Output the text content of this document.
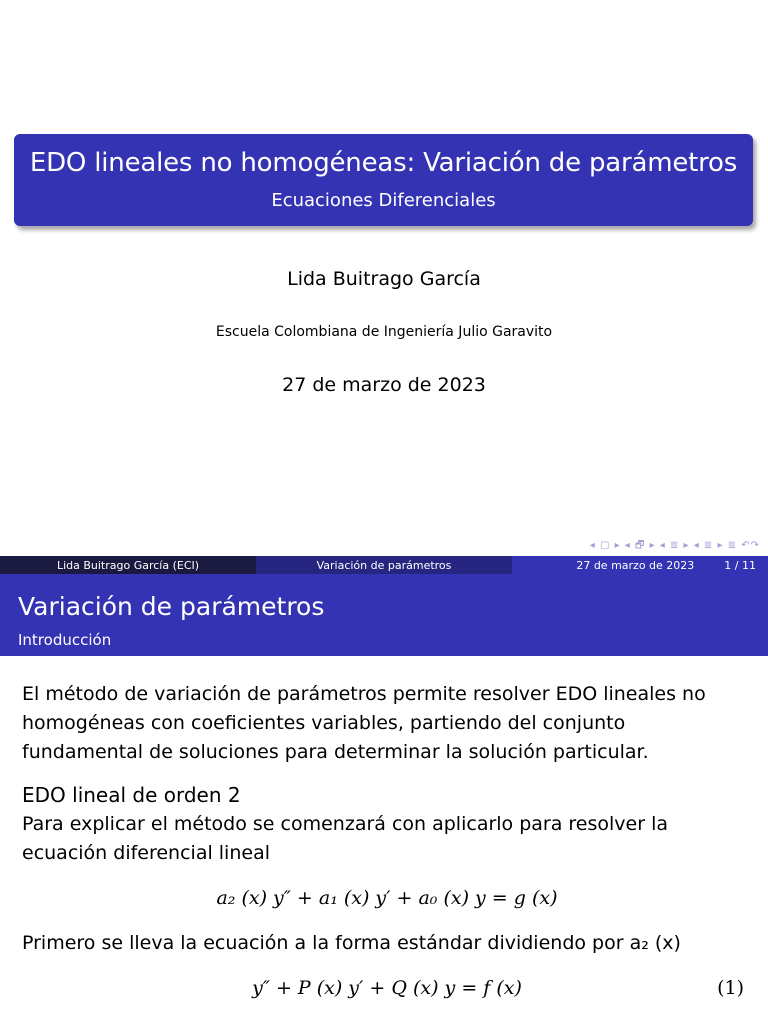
EDO lineales no homogéneas: Variación de parámetros
Ecuaciones Diferenciales
Lida Buitrago García
Escuela Colombiana de Ingeniería Julio Garavito
27 de marzo de 2023
◂ ▢ ▸ ◂ 🗗 ▸ ◂ ≣ ▸ ◂ ≣ ▸ ≣ ↶↷
Lida Buitrago García (ECI)	Variación de parámetros	27 de marzo de 2023	1 / 11
Variación de parámetros
Introducción
El método de variación de parámetros permite resolver EDO lineales no homogéneas con coeficientes variables, partiendo del conjunto fundamental de soluciones para determinar la solución particular.
EDO lineal de orden 2
Para explicar el método se comenzará con aplicarlo para resolver la ecuación diferencial lineal
a₂ (x) y″ + a₁ (x) y′ + a₀ (x) y = g (x)
Primero se lleva la ecuación a la forma estándar dividiendo por a₂ (x)
y″ + P (x) y′ + Q (x) y = f (x)	(1)
